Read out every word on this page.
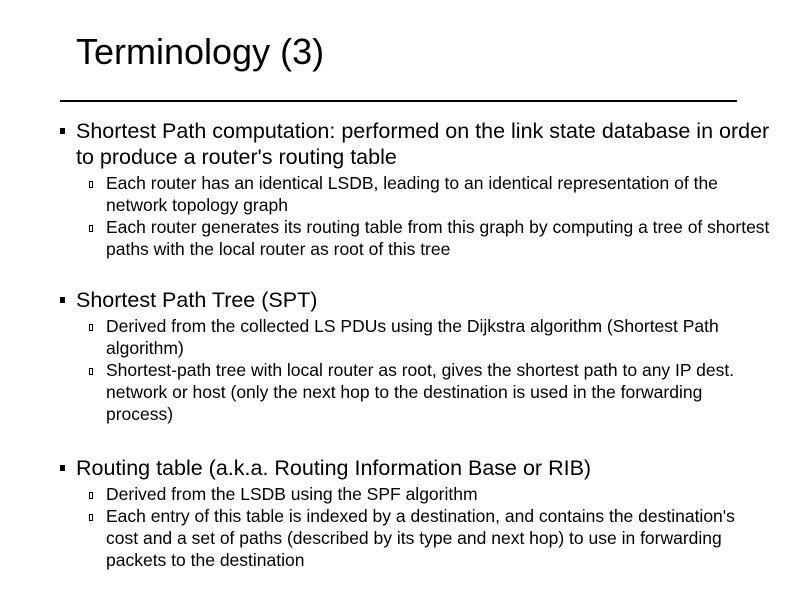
Terminology (3)
Shortest Path computation: performed on the link state database in order to produce a router's routing table
Each router has an identical LSDB, leading to an identical representation of the network topology graph
Each router generates its routing table from this graph by computing a tree of shortest paths with the local router as root of this tree
Shortest Path Tree (SPT)
Derived from the collected LS PDUs using the Dijkstra algorithm (Shortest Path algorithm)
Shortest-path tree with local router as root, gives the shortest path to any IP dest. network or host (only the next hop to the destination is used in the forwarding process)
Routing table (a.k.a. Routing Information Base or RIB)
Derived from the LSDB using the SPF algorithm
Each entry of this table is indexed by a destination, and contains the destination's cost and a set of paths (described by its type and next hop) to use in forwarding packets to the destination
